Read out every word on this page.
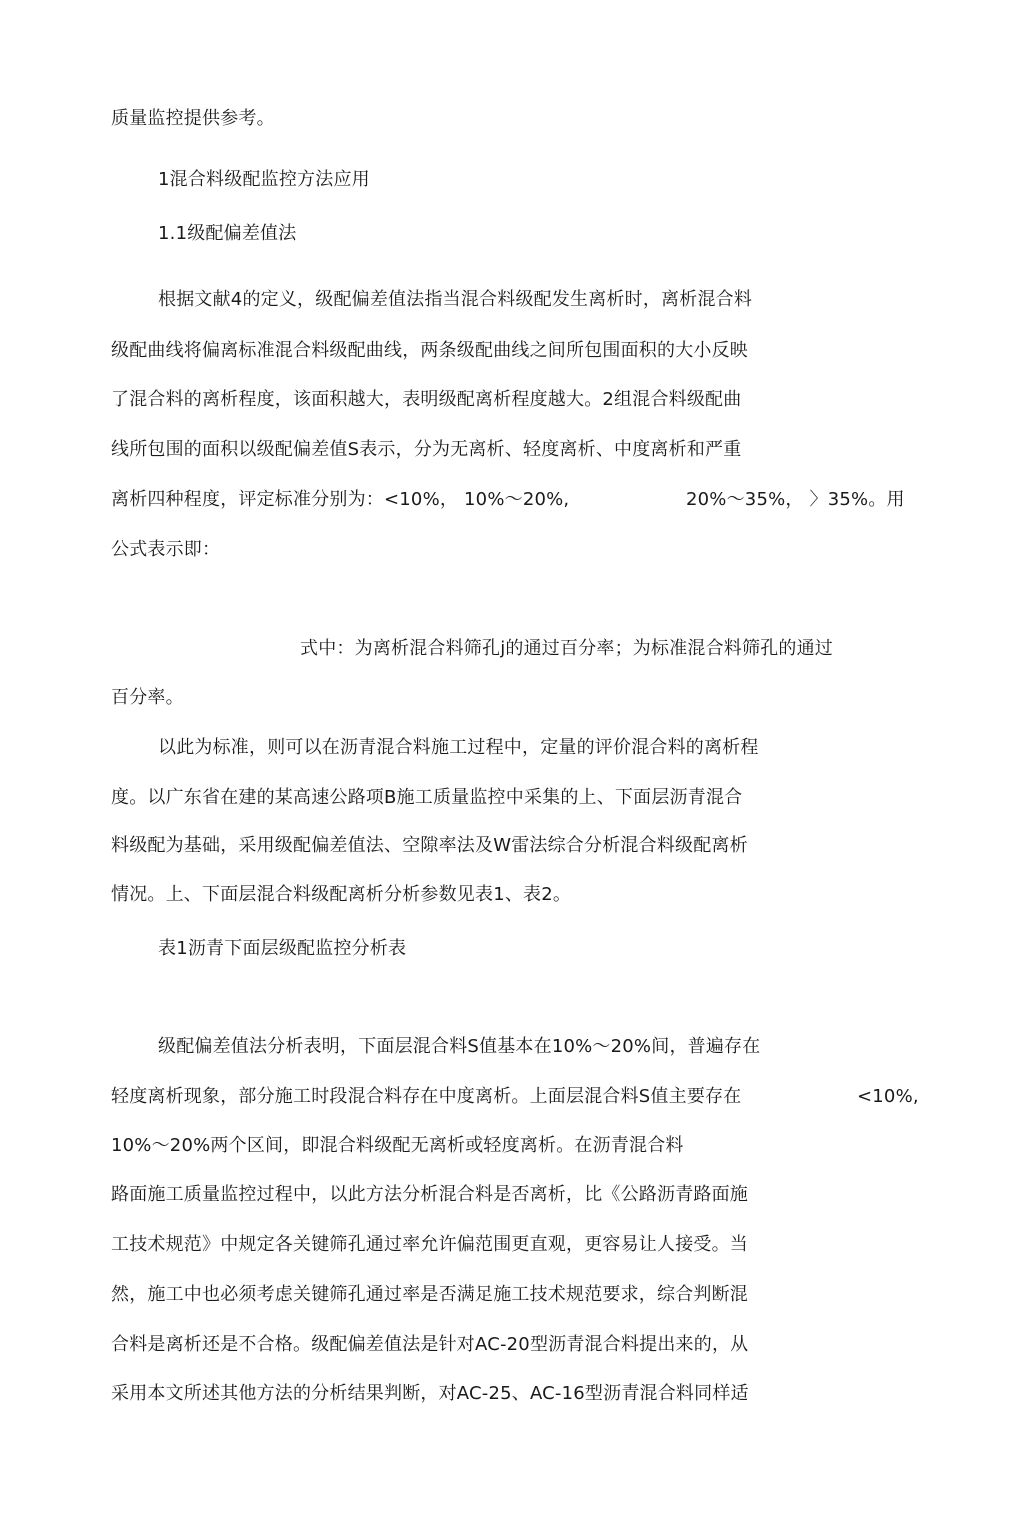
质量监控提供参考。
1混合料级配监控方法应用
1.1级配偏差值法
根据文献4的定义，级配偏差值法指当混合料级配发生离析时，离析混合料
级配曲线将偏离标准混合料级配曲线，两条级配曲线之间所包围面积的大小反映
了混合料的离析程度，该面积越大，表明级配离析程度越大。2组混合料级配曲
线所包围的面积以级配偏差值S表示，分为无离析、轻度离析、中度离析和严重
离析四种程度，评定标准分别为：<10%， 10%～20%,	20%～35%， 〉35%。用
公式表示即：
式中：为离析混合料筛孔j的通过百分率；为标准混合料筛孔的通过
百分率。
以此为标准，则可以在沥青混合料施工过程中，定量的评价混合料的离析程
度。以广东省在建的某高速公路项B施工质量监控中采集的上、下面层沥青混合
料级配为基础，采用级配偏差值法、空隙率法及W雷法综合分析混合料级配离析
情况。上、下面层混合料级配离析分析参数见表1、表2。
表1沥青下面层级配监控分析表
级配偏差值法分析表明，下面层混合料S值基本在10%～20%间，普遍存在
轻度离析现象，部分施工时段混合料存在中度离析。上面层混合料S值主要存在	<10%,
10%～20%两个区间，即混合料级配无离析或轻度离析。在沥青混合料
路面施工质量监控过程中，以此方法分析混合料是否离析，比《公路沥青路面施
工技术规范》中规定各关键筛孔通过率允许偏范围更直观，更容易让人接受。当
然，施工中也必须考虑关键筛孔通过率是否满足施工技术规范要求，综合判断混
合料是离析还是不合格。级配偏差值法是针对AC-20型沥青混合料提出来的，从
采用本文所述其他方法的分析结果判断，对AC-25、AC-16型沥青混合料同样适
